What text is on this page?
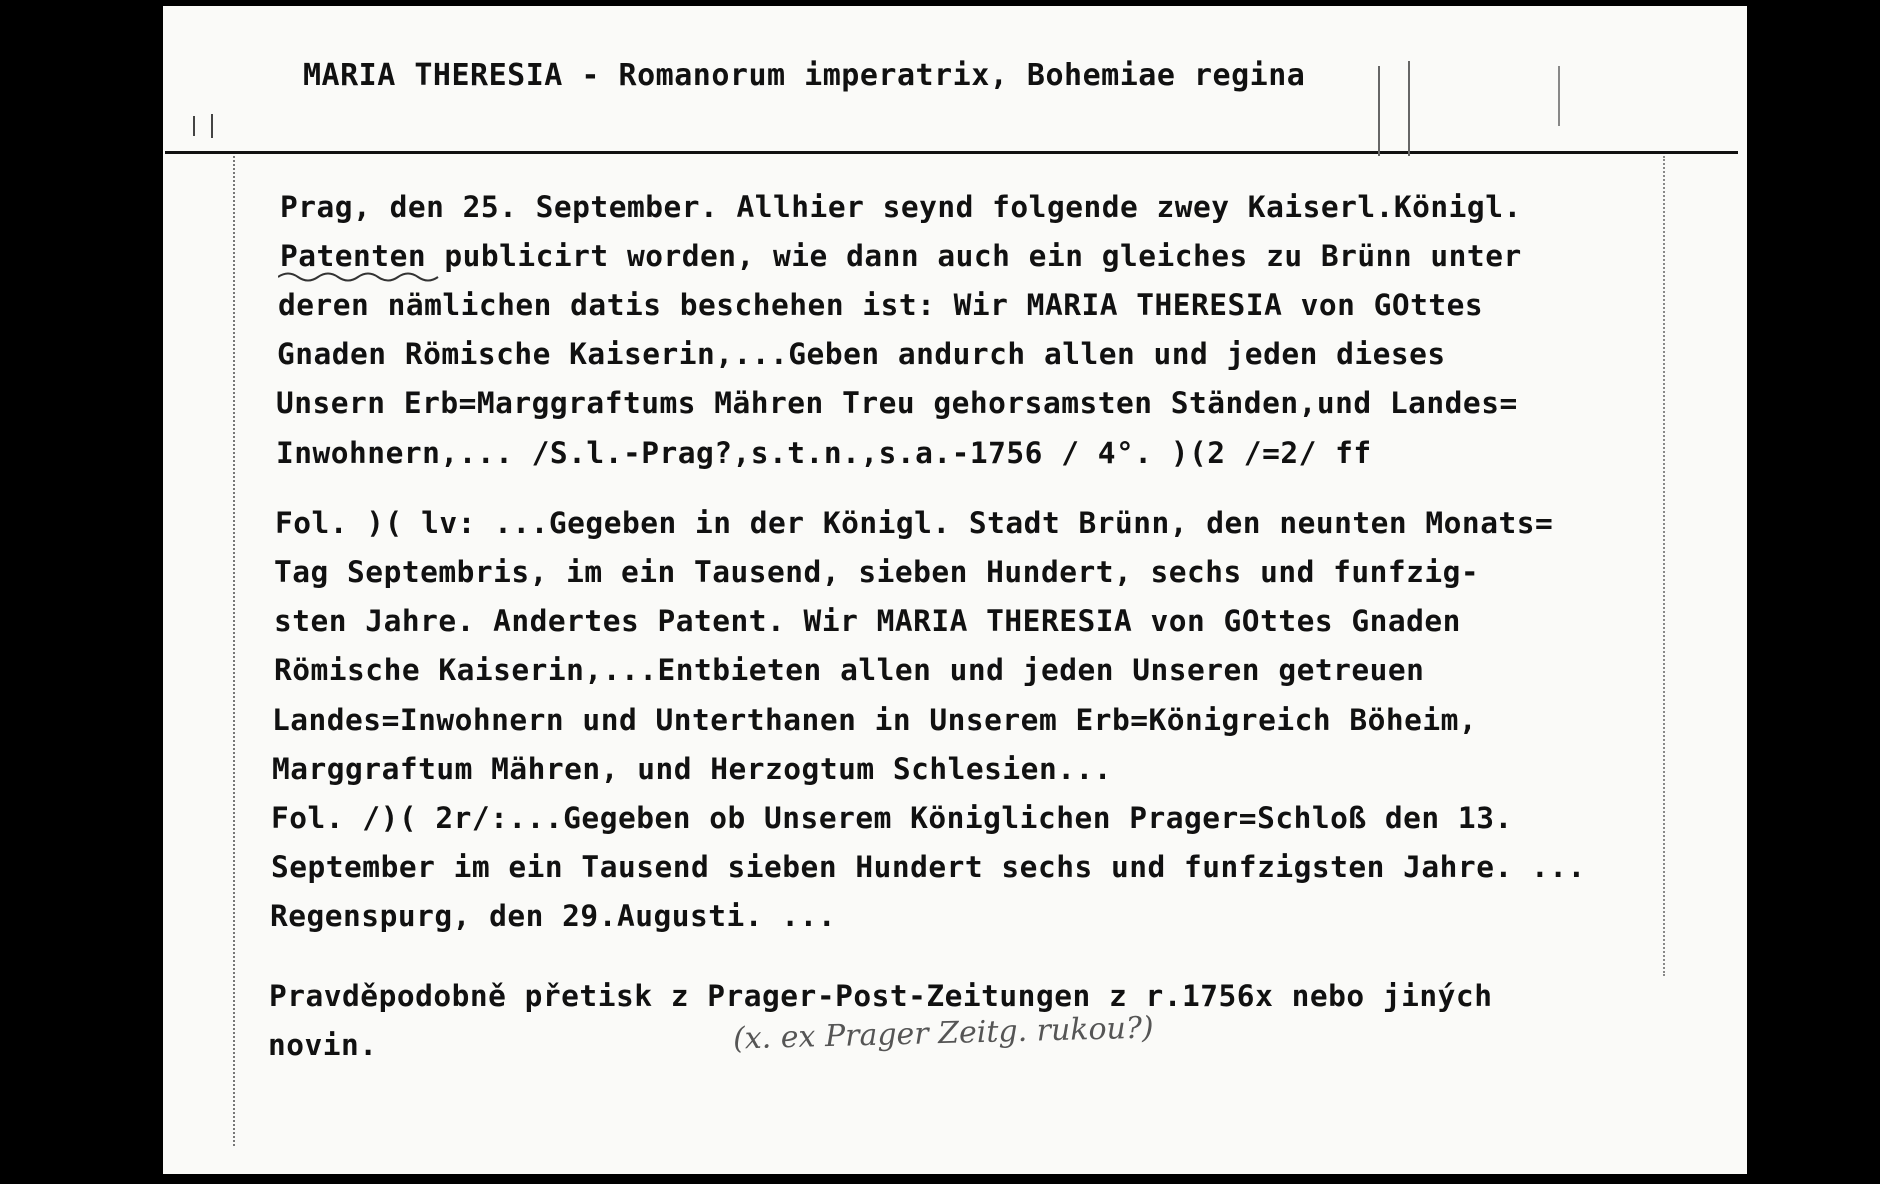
MARIA THERESIA - Romanorum imperatrix, Bohemiae regina
Prag, den 25. September. Allhier seynd folgende zwey Kaiserl.Königl.
Patenten publicirt worden, wie dann auch ein gleiches zu Brünn unter
deren nämlichen datis beschehen ist: Wir MARIA THERESIA von GOttes
Gnaden Römische Kaiserin,...Geben andurch allen und jeden dieses
Unsern Erb=Marggraftums Mähren Treu gehorsamsten Ständen,und Landes=
Inwohnern,... /S.l.-Prag?,s.t.n.,s.a.-1756 / 4°. )(2 /=2/ ff
Fol. )( lv: ...Gegeben in der Königl. Stadt Brünn, den neunten Monats=
Tag Septembris, im ein Tausend, sieben Hundert, sechs und funfzig-
sten Jahre. Andertes Patent. Wir MARIA THERESIA von GOttes Gnaden
Römische Kaiserin,...Entbieten allen und jeden Unseren getreuen
Landes=Inwohnern und Unterthanen in Unserem Erb=Königreich Böheim,
Marggraftum Mähren, und Herzogtum Schlesien...
Fol. /)( 2r/:...Gegeben ob Unserem Königlichen Prager=Schloß den 13.
September im ein Tausend sieben Hundert sechs und funfzigsten Jahre. ...
Regenspurg, den 29.Augusti. ...
Pravděpodobně přetisk z Prager-Post-Zeitungen z r.1756x nebo jiných
novin.	(x. ex Prager Zeitg. rukou?)
